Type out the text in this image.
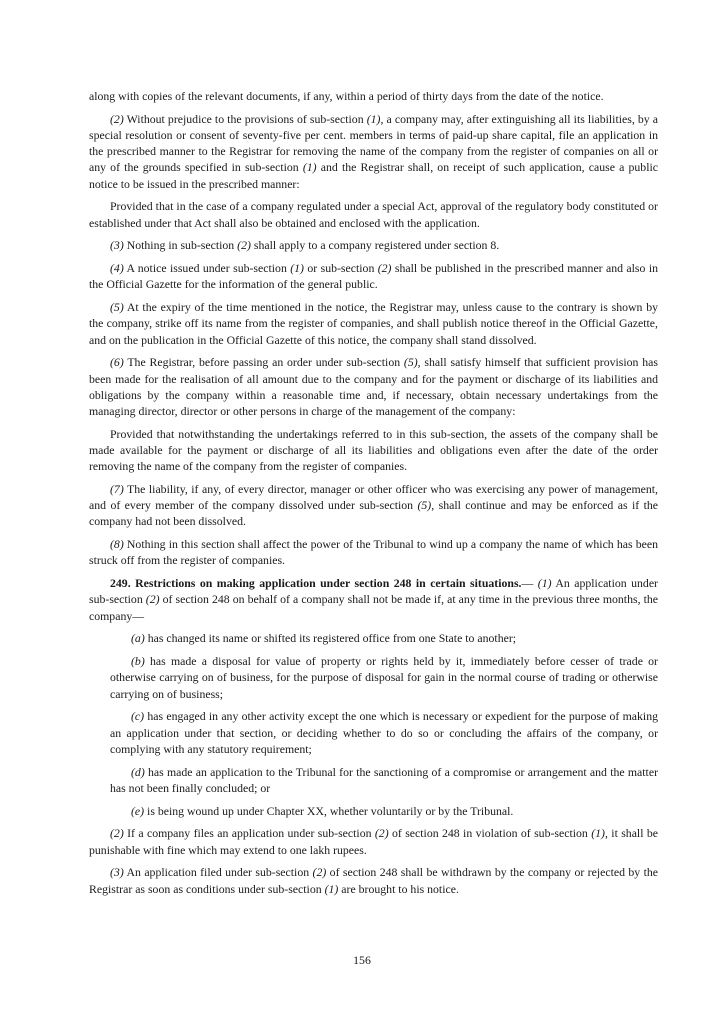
along with copies of the relevant documents, if any, within a period of thirty days from the date of the notice.

(2) Without prejudice to the provisions of sub-section (1), a company may, after extinguishing all its liabilities, by a special resolution or consent of seventy-five per cent. members in terms of paid-up share capital, file an application in the prescribed manner to the Registrar for removing the name of the company from the register of companies on all or any of the grounds specified in sub-section (1) and the Registrar shall, on receipt of such application, cause a public notice to be issued in the prescribed manner:

Provided that in the case of a company regulated under a special Act, approval of the regulatory body constituted or established under that Act shall also be obtained and enclosed with the application.

(3) Nothing in sub-section (2) shall apply to a company registered under section 8.

(4) A notice issued under sub-section (1) or sub-section (2) shall be published in the prescribed manner and also in the Official Gazette for the information of the general public.

(5) At the expiry of the time mentioned in the notice, the Registrar may, unless cause to the contrary is shown by the company, strike off its name from the register of companies, and shall publish notice thereof in the Official Gazette, and on the publication in the Official Gazette of this notice, the company shall stand dissolved.

(6) The Registrar, before passing an order under sub-section (5), shall satisfy himself that sufficient provision has been made for the realisation of all amount due to the company and for the payment or discharge of its liabilities and obligations by the company within a reasonable time and, if necessary, obtain necessary undertakings from the managing director, director or other persons in charge of the management of the company:

Provided that notwithstanding the undertakings referred to in this sub-section, the assets of the company shall be made available for the payment or discharge of all its liabilities and obligations even after the date of the order removing the name of the company from the register of companies.

(7) The liability, if any, of every director, manager or other officer who was exercising any power of management, and of every member of the company dissolved under sub-section (5), shall continue and may be enforced as if the company had not been dissolved.

(8) Nothing in this section shall affect the power of the Tribunal to wind up a company the name of which has been struck off from the register of companies.

249. Restrictions on making application under section 248 in certain situations.— (1) An application under sub-section (2) of section 248 on behalf of a company shall not be made if, at any time in the previous three months, the company—

(a) has changed its name or shifted its registered office from one State to another;

(b) has made a disposal for value of property or rights held by it, immediately before cesser of trade or otherwise carrying on of business, for the purpose of disposal for gain in the normal course of trading or otherwise carrying on of business;

(c) has engaged in any other activity except the one which is necessary or expedient for the purpose of making an application under that section, or deciding whether to do so or concluding the affairs of the company, or complying with any statutory requirement;

(d) has made an application to the Tribunal for the sanctioning of a compromise or arrangement and the matter has not been finally concluded; or

(e) is being wound up under Chapter XX, whether voluntarily or by the Tribunal.

(2) If a company files an application under sub-section (2) of section 248 in violation of sub-section (1), it shall be punishable with fine which may extend to one lakh rupees.

(3) An application filed under sub-section (2) of section 248 shall be withdrawn by the company or rejected by the Registrar as soon as conditions under sub-section (1) are brought to his notice.

156
